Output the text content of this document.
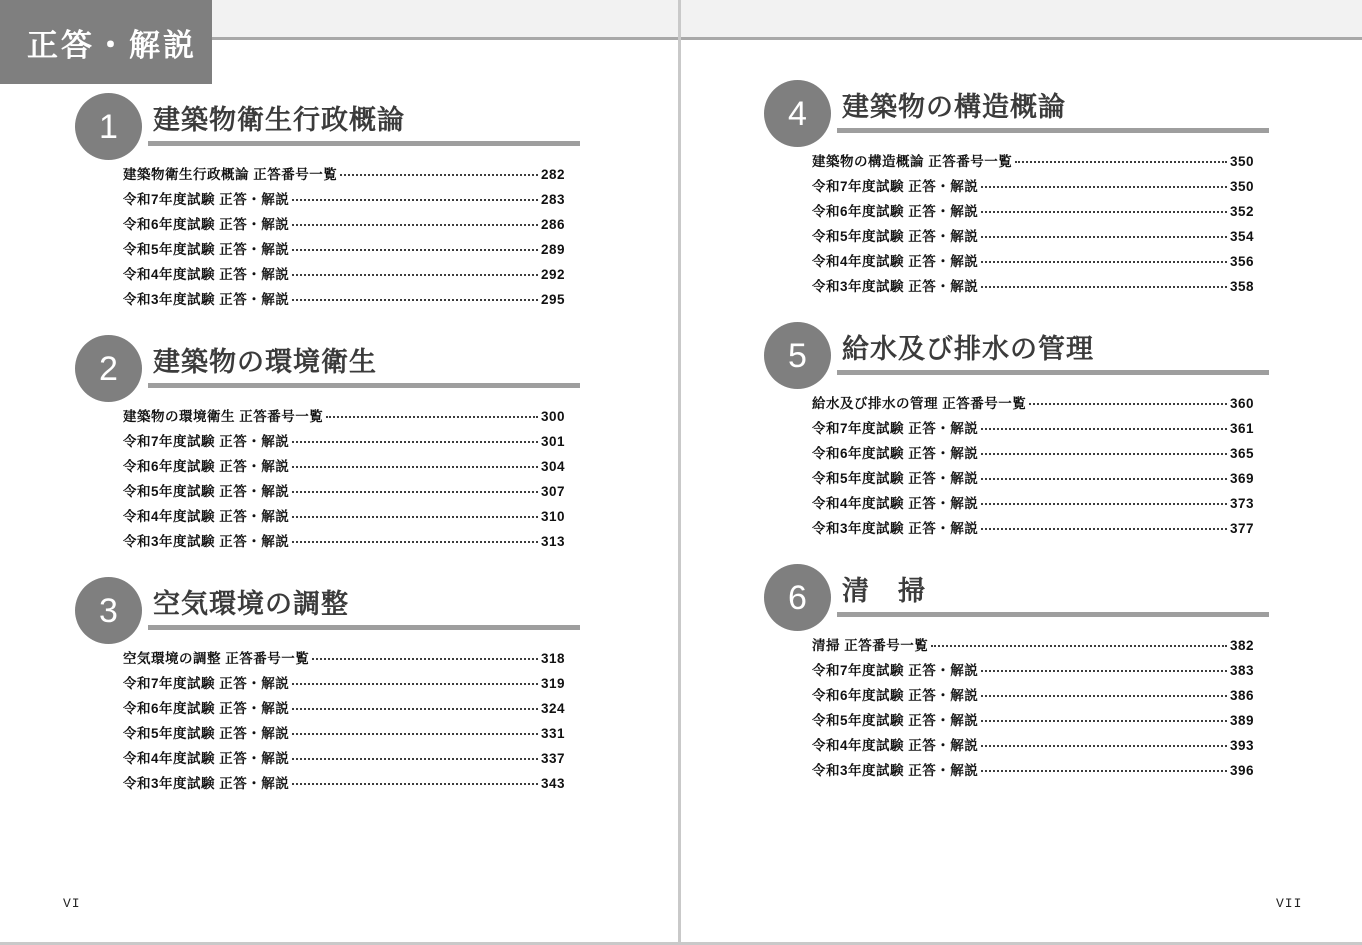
正答・解説
1 建築物衛生行政概論
建築物衛生行政概論 正答番号一覧	282
令和7年度試験 正答・解説	283
令和6年度試験 正答・解説	286
令和5年度試験 正答・解説	289
令和4年度試験 正答・解説	292
令和3年度試験 正答・解説	295
2 建築物の環境衛生
建築物の環境衛生 正答番号一覧	300
令和7年度試験 正答・解説	301
令和6年度試験 正答・解説	304
令和5年度試験 正答・解説	307
令和4年度試験 正答・解説	310
令和3年度試験 正答・解説	313
3 空気環境の調整
空気環境の調整 正答番号一覧	318
令和7年度試験 正答・解説	319
令和6年度試験 正答・解説	324
令和5年度試験 正答・解説	331
令和4年度試験 正答・解説	337
令和3年度試験 正答・解説	343
4 建築物の構造概論
建築物の構造概論 正答番号一覧	350
令和7年度試験 正答・解説	350
令和6年度試験 正答・解説	352
令和5年度試験 正答・解説	354
令和4年度試験 正答・解説	356
令和3年度試験 正答・解説	358
5 給水及び排水の管理
給水及び排水の管理 正答番号一覧	360
令和7年度試験 正答・解説	361
令和6年度試験 正答・解説	365
令和5年度試験 正答・解説	369
令和4年度試験 正答・解説	373
令和3年度試験 正答・解説	377
6 清　掃
清掃 正答番号一覧	382
令和7年度試験 正答・解説	383
令和6年度試験 正答・解説	386
令和5年度試験 正答・解説	389
令和4年度試験 正答・解説	393
令和3年度試験 正答・解説	396
VI	VII
